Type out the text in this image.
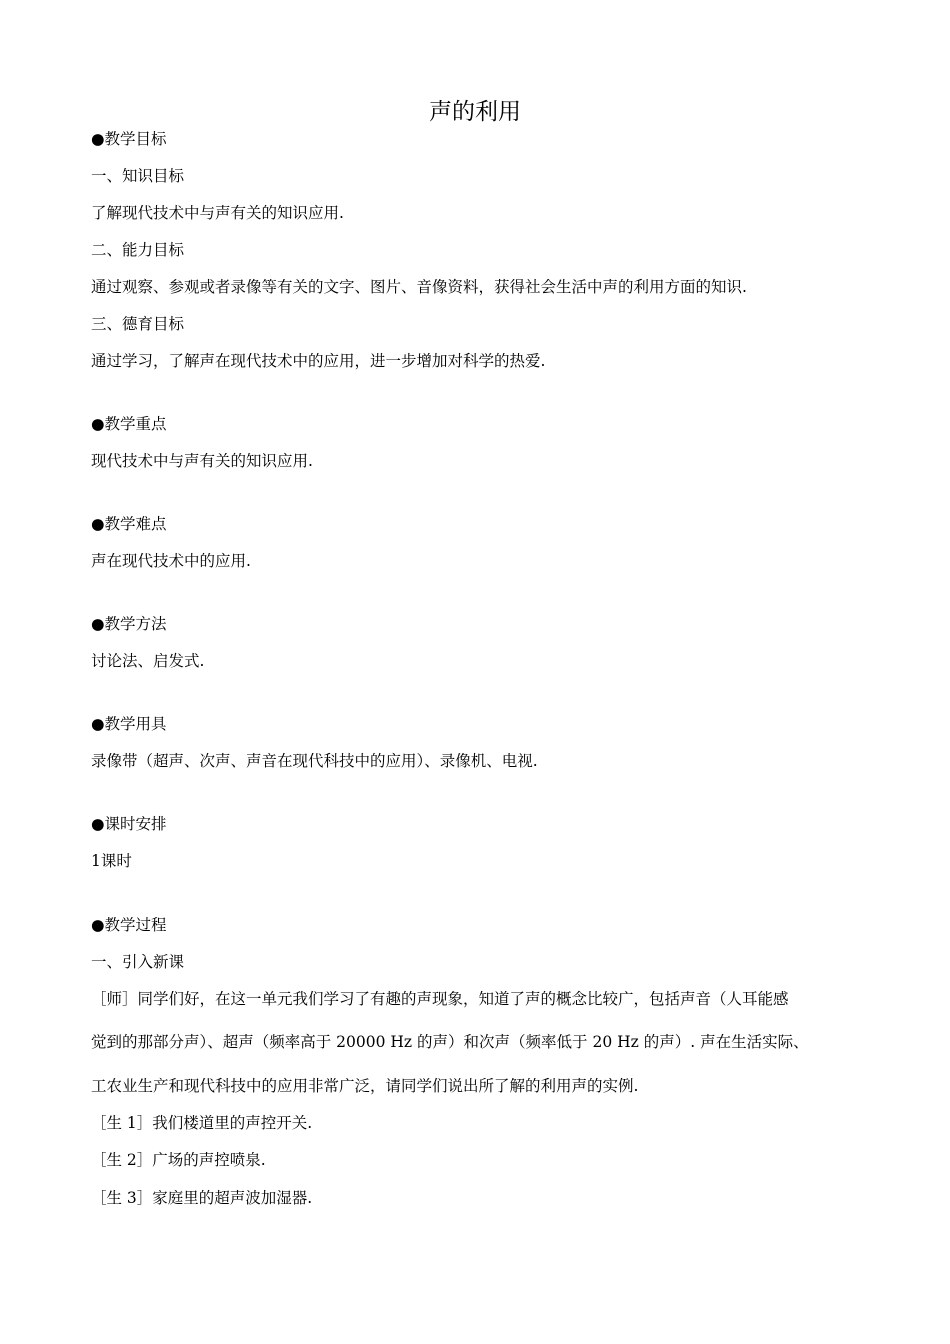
声的利用
●教学目标
一、知识目标
了解现代技术中与声有关的知识应用.
二、能力目标
通过观察、参观或者录像等有关的文字、图片、音像资料，获得社会生活中声的利用方面的知识.
三、德育目标
通过学习，了解声在现代技术中的应用，进一步增加对科学的热爱.
●教学重点
现代技术中与声有关的知识应用.
●教学难点
声在现代技术中的应用.
●教学方法
讨论法、启发式.
●教学用具
录像带（超声、次声、声音在现代科技中的应用）、录像机、电视.
●课时安排
1课时
●教学过程
一、引入新课
［师］同学们好，在这一单元我们学习了有趣的声现象，知道了声的概念比较广，包括声音（人耳能感
觉到的那部分声）、超声（频率高于 20000 Hz 的声）和次声（频率低于 20 Hz 的声）. 声在生活实际、
工农业生产和现代科技中的应用非常广泛，请同学们说出所了解的利用声的实例.
［生 1］我们楼道里的声控开关.
［生 2］广场的声控喷泉.
［生 3］家庭里的超声波加湿器.
